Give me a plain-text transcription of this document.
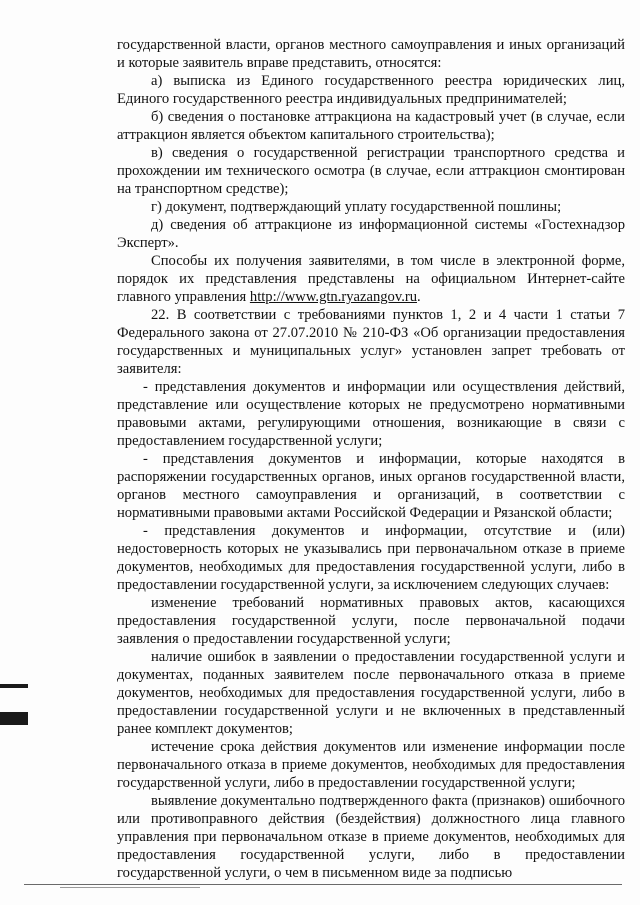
государственной власти, органов местного самоуправления и иных организаций и которые заявитель вправе представить, относятся:

а) выписка из Единого государственного реестра юридических лиц, Единого государственного реестра индивидуальных предпринимателей;

б) сведения о постановке аттракциона на кадастровый учет (в случае, если аттракцион является объектом капитального строительства);

в) сведения о государственной регистрации транспортного средства и прохождении им технического осмотра (в случае, если аттракцион смонтирован на транспортном средстве);

г) документ, подтверждающий уплату государственной пошлины;

д) сведения об аттракционе из информационной системы «Гостехнадзор Эксперт».

Способы их получения заявителями, в том числе в электронной форме, порядок их представления представлены на официальном Интернет-сайте главного управления http://www.gtn.ryazangov.ru.

22. В соответствии с требованиями пунктов 1, 2 и 4 части 1 статьи 7 Федерального закона от 27.07.2010 № 210-ФЗ «Об организации предоставления государственных и муниципальных услуг» установлен запрет требовать от заявителя:

- представления документов и информации или осуществления действий, представление или осуществление которых не предусмотрено нормативными правовыми актами, регулирующими отношения, возникающие в связи с предоставлением государственной услуги;

- представления документов и информации, которые находятся в распоряжении государственных органов, иных органов государственной власти, органов местного самоуправления и организаций, в соответствии с нормативными правовыми актами Российской Федерации и Рязанской области;

- представления документов и информации, отсутствие и (или) недостоверность которых не указывались при первоначальном отказе в приеме документов, необходимых для предоставления государственной услуги, либо в предоставлении государственной услуги, за исключением следующих случаев:

изменение требований нормативных правовых актов, касающихся предоставления государственной услуги, после первоначальной подачи заявления о предоставлении государственной услуги;

наличие ошибок в заявлении о предоставлении государственной услуги и документах, поданных заявителем после первоначального отказа в приеме документов, необходимых для предоставления государственной услуги, либо в предоставлении государственной услуги и не включенных в представленный ранее комплект документов;

истечение срока действия документов или изменение информации после первоначального отказа в приеме документов, необходимых для предоставления государственной услуги, либо в предоставлении государственной услуги;

выявление документально подтвержденного факта (признаков) ошибочного или противоправного действия (бездействия) должностного лица главного управления при первоначальном отказе в приеме документов, необходимых для предоставления государственной услуги, либо в предоставлении государственной услуги, о чем в письменном виде за подписью
